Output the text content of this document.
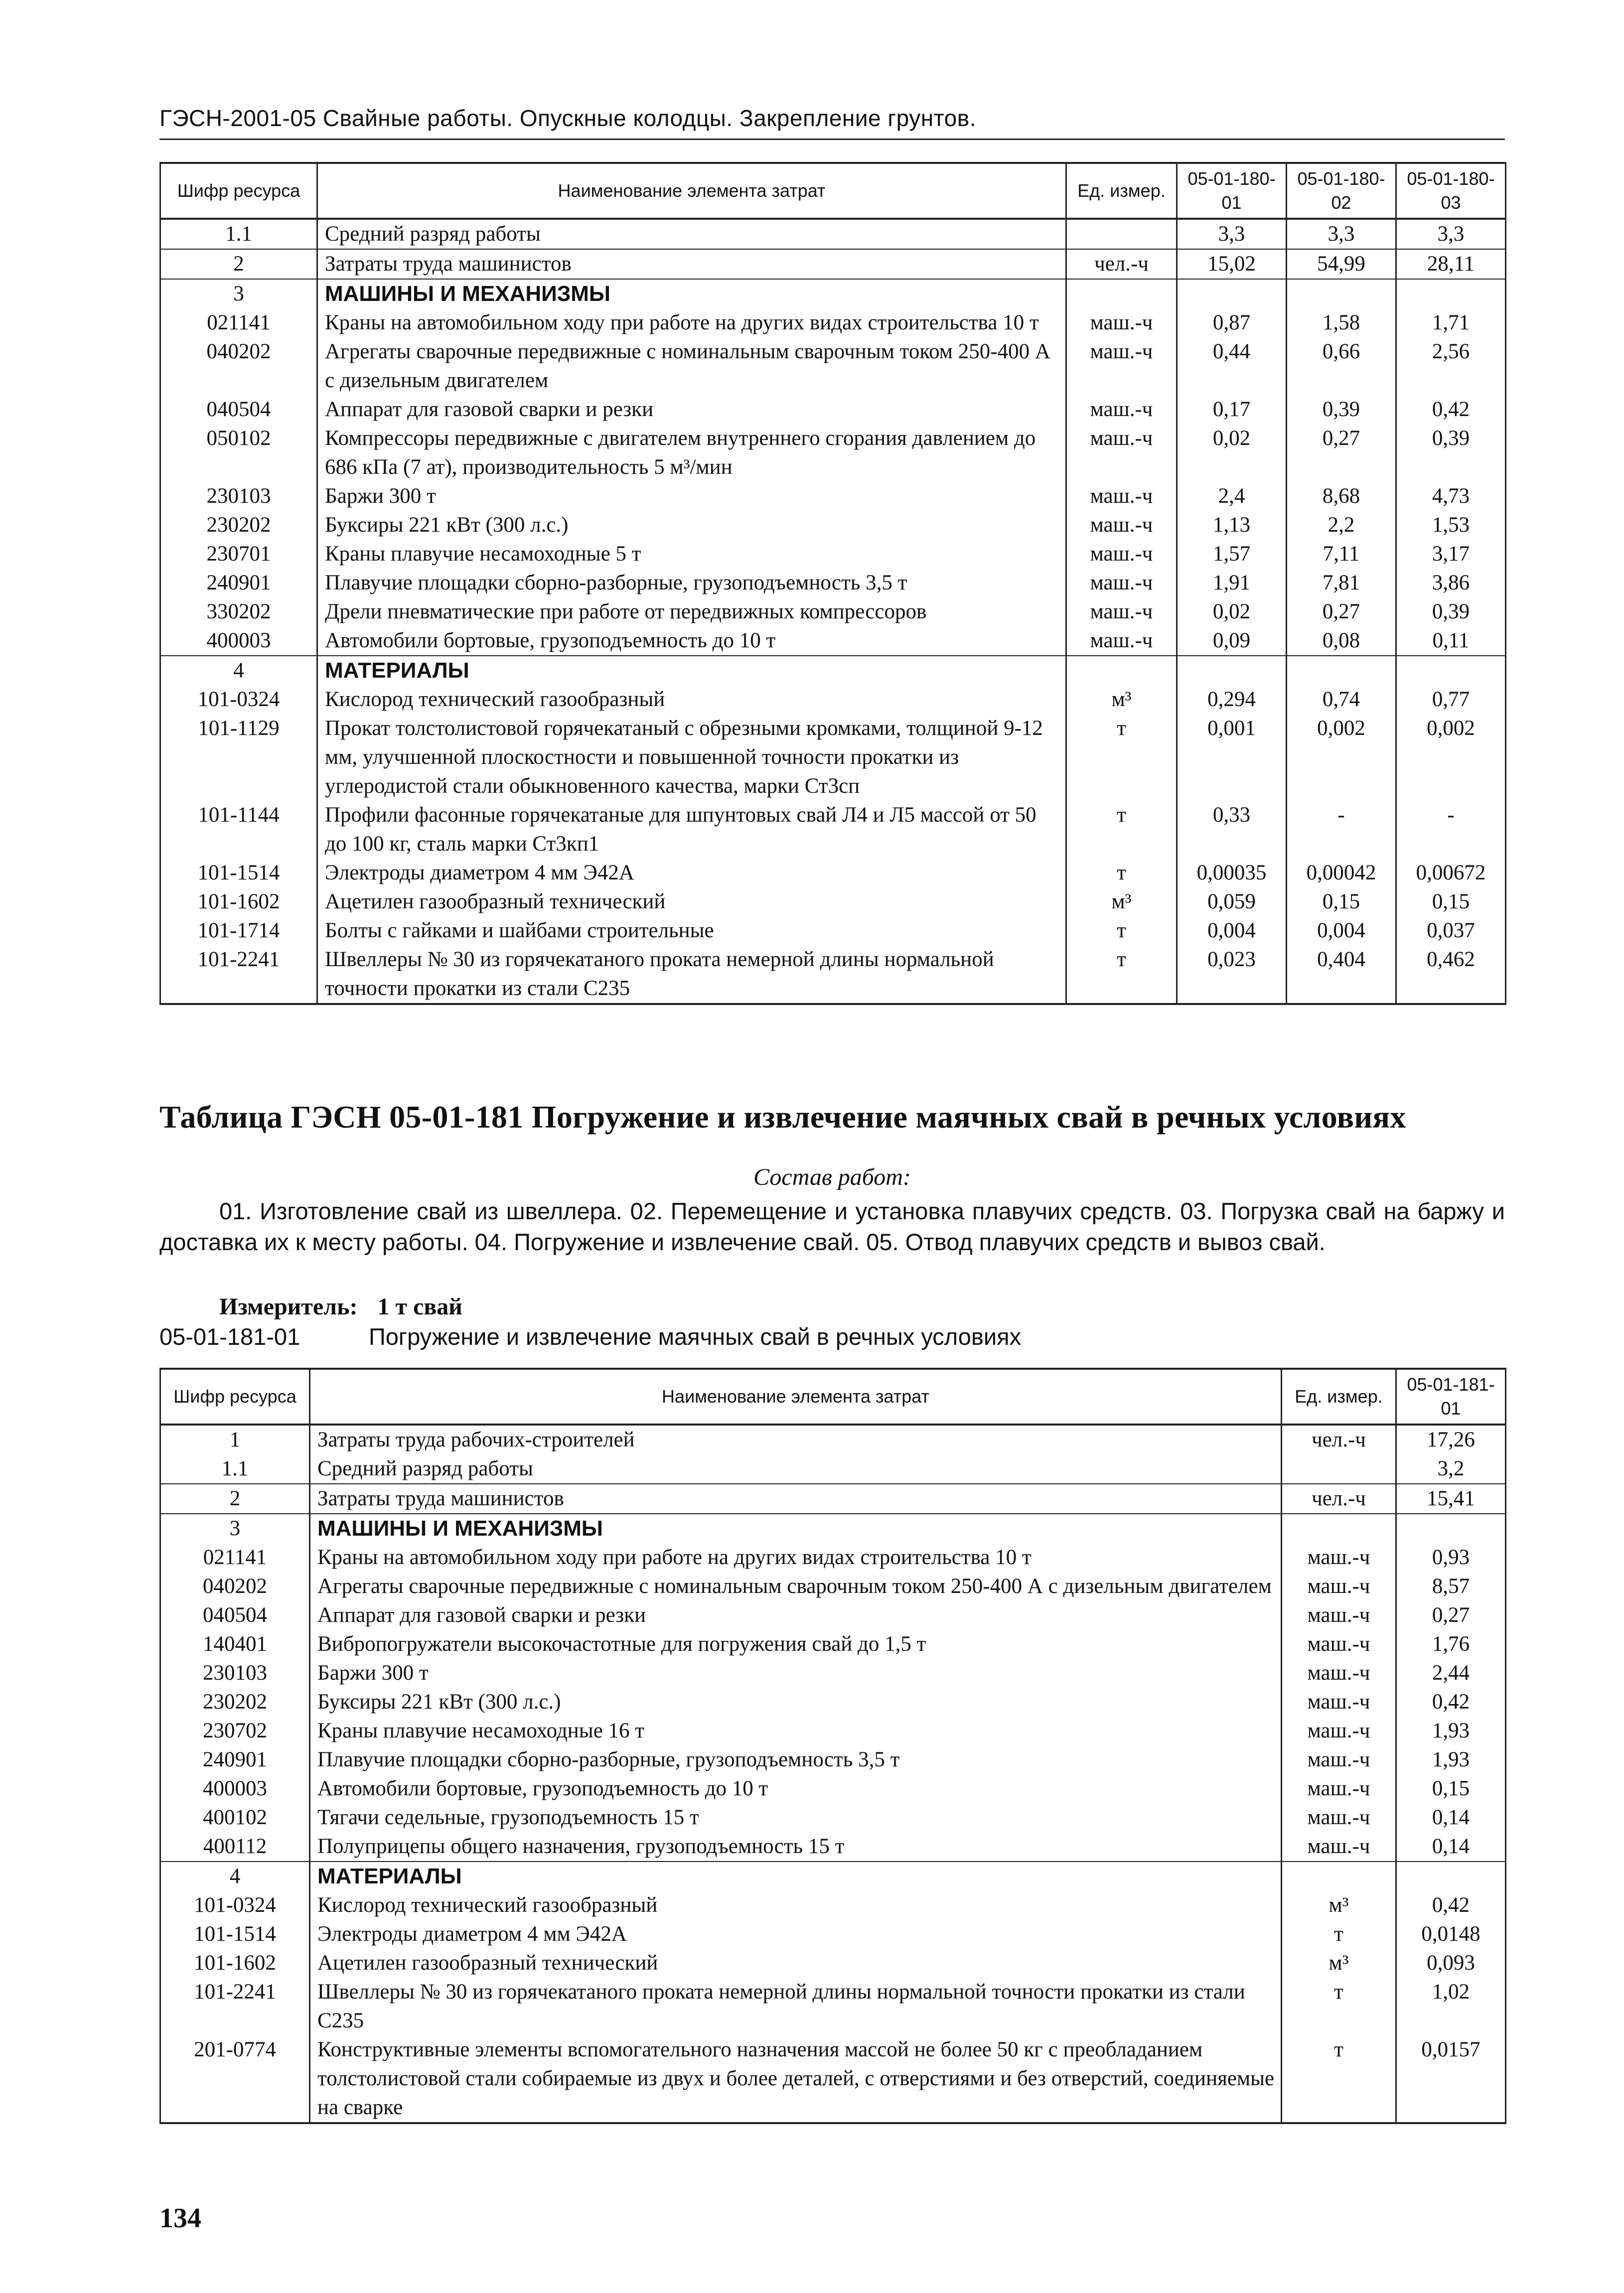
ГЭСН-2001-05 Свайные работы. Опускные колодцы. Закрепление грунтов.
Шифр ресурса	Наименование элемента затрат	Ед. измер.	05-01-180-01	05-01-180-02	05-01-180-03
1.1	Средний разряд работы		3,3	3,3	3,3
2	Затраты труда машинистов	чел.-ч	15,02	54,99	28,11
3	МАШИНЫ И МЕХАНИЗМЫ				
021141	Краны на автомобильном ходу при работе на других видах строительства 10 т	маш.-ч	0,87	1,58	1,71
040202	Агрегаты сварочные передвижные с номинальным сварочным током 250-400 А с дизельным двигателем	маш.-ч	0,44	0,66	2,56
040504	Аппарат для газовой сварки и резки	маш.-ч	0,17	0,39	0,42
050102	Компрессоры передвижные с двигателем внутреннего сгорания давлением до 686 кПа (7 ат), производительность 5 м³/мин	маш.-ч	0,02	0,27	0,39
230103	Баржи 300 т	маш.-ч	2,4	8,68	4,73
230202	Буксиры 221 кВт (300 л.с.)	маш.-ч	1,13	2,2	1,53
230701	Краны плавучие несамоходные 5 т	маш.-ч	1,57	7,11	3,17
240901	Плавучие площадки сборно-разборные, грузоподъемность 3,5 т	маш.-ч	1,91	7,81	3,86
330202	Дрели пневматические при работе от передвижных компрессоров	маш.-ч	0,02	0,27	0,39
400003	Автомобили бортовые, грузоподъемность до 10 т	маш.-ч	0,09	0,08	0,11
4	МАТЕРИАЛЫ				
101-0324	Кислород технический газообразный	м³	0,294	0,74	0,77
101-1129	Прокат толстолистовой горячекатаный с обрезными кромками, толщиной 9-12 мм, улучшенной плоскостности и повышенной точности прокатки из углеродистой стали обыкновенного качества, марки Ст3сп	т	0,001	0,002	0,002
101-1144	Профили фасонные горячекатаные для шпунтовых свай Л4 и Л5 массой от 50 до 100 кг, сталь марки Ст3кп1	т	0,33	-	-
101-1514	Электроды диаметром 4 мм Э42А	т	0,00035	0,00042	0,00672
101-1602	Ацетилен газообразный технический	м³	0,059	0,15	0,15
101-1714	Болты с гайками и шайбами строительные	т	0,004	0,004	0,037
101-2241	Швеллеры № 30 из горячекатаного проката немерной длины нормальной точности прокатки из стали С235	т	0,023	0,404	0,462
Таблица ГЭСН 05-01-181 Погружение и извлечение маячных свай в речных условиях
Состав работ:
01. Изготовление свай из швеллера. 02. Перемещение и установка плавучих средств. 03. Погрузка свай на баржу и доставка их к месту работы. 04. Погружение и извлечение свай. 05. Отвод плавучих средств и вывоз свай.
Измеритель: 1 т свай
05-01-181-01	Погружение и извлечение маячных свай в речных условиях
Шифр ресурса	Наименование элемента затрат	Ед. измер.	05-01-181-01
1	Затраты труда рабочих-строителей	чел.-ч	17,26
1.1	Средний разряд работы		3,2
2	Затраты труда машинистов	чел.-ч	15,41
3	МАШИНЫ И МЕХАНИЗМЫ		
021141	Краны на автомобильном ходу при работе на других видах строительства 10 т	маш.-ч	0,93
040202	Агрегаты сварочные передвижные с номинальным сварочным током 250-400 А с дизельным двигателем	маш.-ч	8,57
040504	Аппарат для газовой сварки и резки	маш.-ч	0,27
140401	Вибропогружатели высокочастотные для погружения свай до 1,5 т	маш.-ч	1,76
230103	Баржи 300 т	маш.-ч	2,44
230202	Буксиры 221 кВт (300 л.с.)	маш.-ч	0,42
230702	Краны плавучие несамоходные 16 т	маш.-ч	1,93
240901	Плавучие площадки сборно-разборные, грузоподъемность 3,5 т	маш.-ч	1,93
400003	Автомобили бортовые, грузоподъемность до 10 т	маш.-ч	0,15
400102	Тягачи седельные, грузоподъемность 15 т	маш.-ч	0,14
400112	Полуприцепы общего назначения, грузоподъемность 15 т	маш.-ч	0,14
4	МАТЕРИАЛЫ		
101-0324	Кислород технический газообразный	м³	0,42
101-1514	Электроды диаметром 4 мм Э42А	т	0,0148
101-1602	Ацетилен газообразный технический	м³	0,093
101-2241	Швеллеры № 30 из горячекатаного проката немерной длины нормальной точности прокатки из стали С235	т	1,02
201-0774	Конструктивные элементы вспомогательного назначения массой не более 50 кг с преобладанием толстолистовой стали собираемые из двух и более деталей, с отверстиями и без отверстий, соединяемые на сварке	т	0,0157
134
